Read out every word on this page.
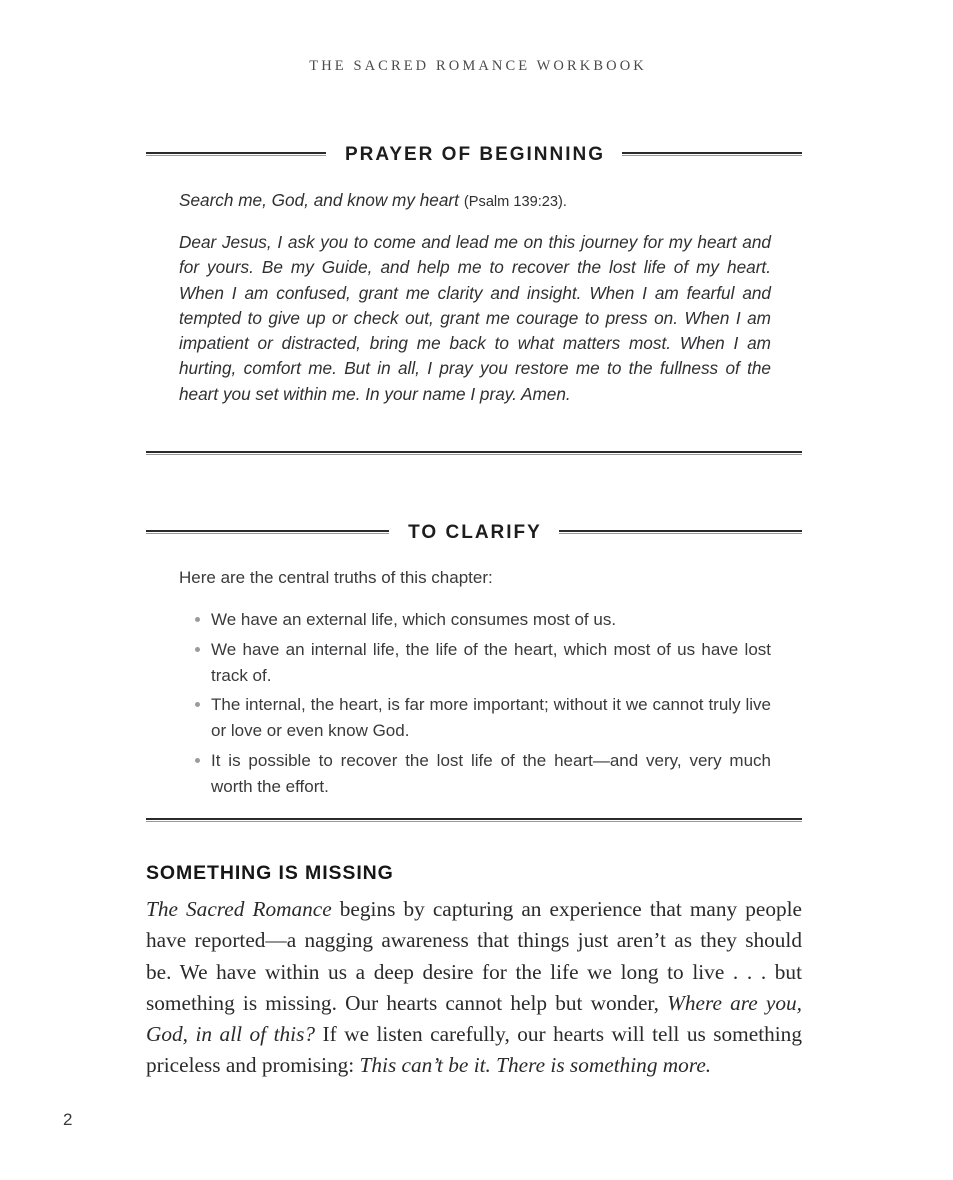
THE SACRED ROMANCE WORKBOOK
PRAYER OF BEGINNING
Search me, God, and know my heart (Psalm 139:23).
Dear Jesus, I ask you to come and lead me on this journey for my heart and for yours. Be my Guide, and help me to recover the lost life of my heart. When I am confused, grant me clarity and insight. When I am fearful and tempted to give up or check out, grant me courage to press on. When I am impatient or distracted, bring me back to what matters most. When I am hurting, comfort me. But in all, I pray you restore me to the fullness of the heart you set within me. In your name I pray. Amen.
TO CLARIFY
Here are the central truths of this chapter:
We have an external life, which consumes most of us.
We have an internal life, the life of the heart, which most of us have lost track of.
The internal, the heart, is far more important; without it we cannot truly live or love or even know God.
It is possible to recover the lost life of the heart—and very, very much worth the effort.
SOMETHING IS MISSING
The Sacred Romance begins by capturing an experience that many people have reported—a nagging awareness that things just aren’t as they should be. We have within us a deep desire for the life we long to live . . . but something is missing. Our hearts cannot help but wonder, Where are you, God, in all of this? If we listen carefully, our hearts will tell us something priceless and promising: This can’t be it. There is something more.
2
